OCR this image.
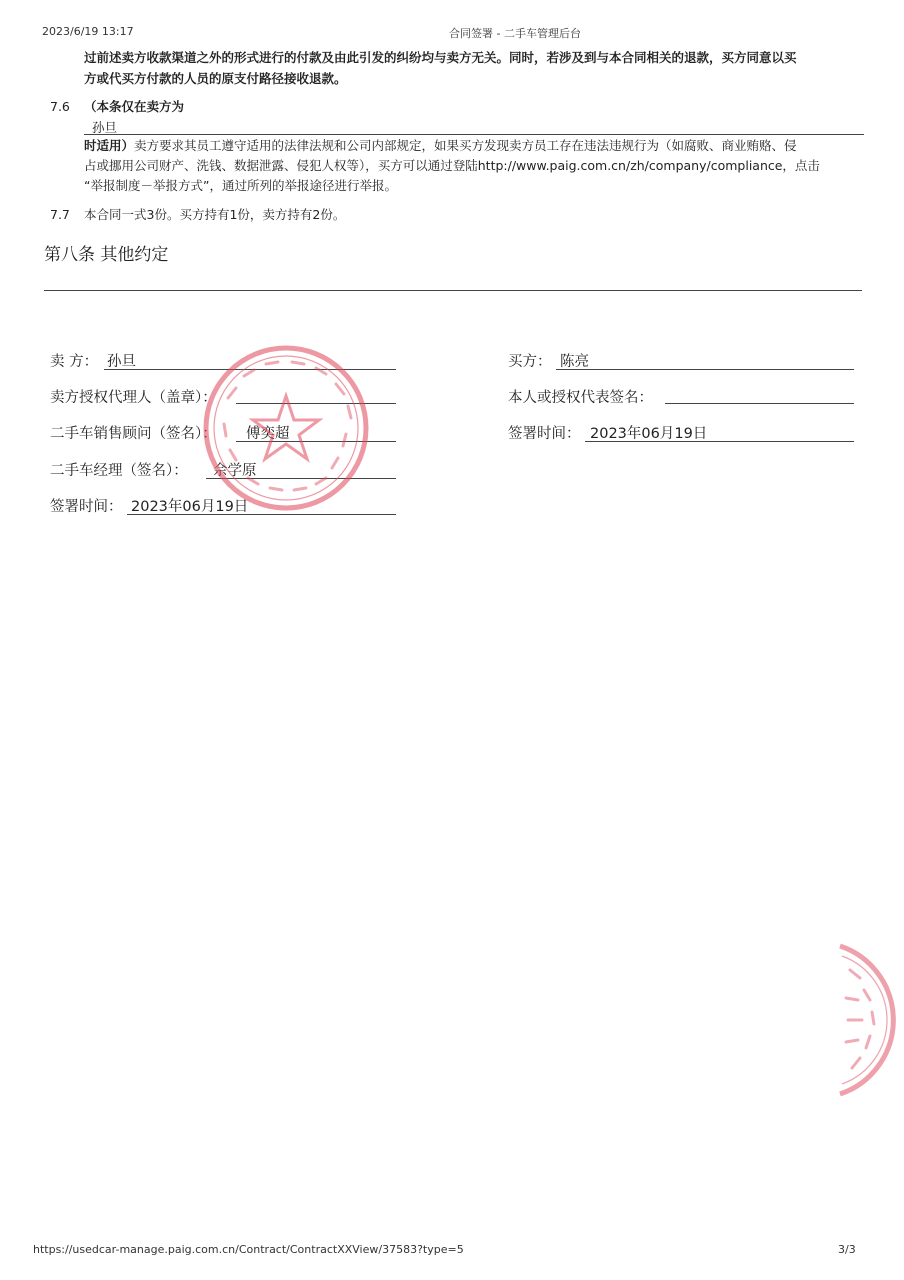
2023/6/19 13:17	合同签署 - 二手车管理后台
过前述卖方收款渠道之外的形式进行的付款及由此引发的纠纷均与卖方无关。同时，若涉及到与本合同相关的退款，买方同意以买
方或代买方付款的人员的原支付路径接收退款。
7.6 （本条仅在卖方为
孙旦
时适用）卖方要求其员工遵守适用的法律法规和公司内部规定，如果买方发现卖方员工存在违法违规行为（如腐败、商业贿赂、侵
占或挪用公司财产、洗钱、数据泄露、侵犯人权等），买方可以通过登陆http://www.paig.com.cn/zh/company/compliance，点击
“举报制度－举报方式”，通过所列的举报途径进行举报。
7.7 本合同一式3份。买方持有1份，卖方持有2份。
第八条 其他约定
卖 方： 孙旦
卖方授权代理人（盖章）：
二手车销售顾问（签名）： 傅奕超
二手车经理（签名）： 佘学原
签署时间： 2023年06月19日
买方： 陈亮
本人或授权代表签名：
签署时间： 2023年06月19日
https://usedcar-manage.paig.com.cn/Contract/ContractXXView/37583?type=5	3/3
